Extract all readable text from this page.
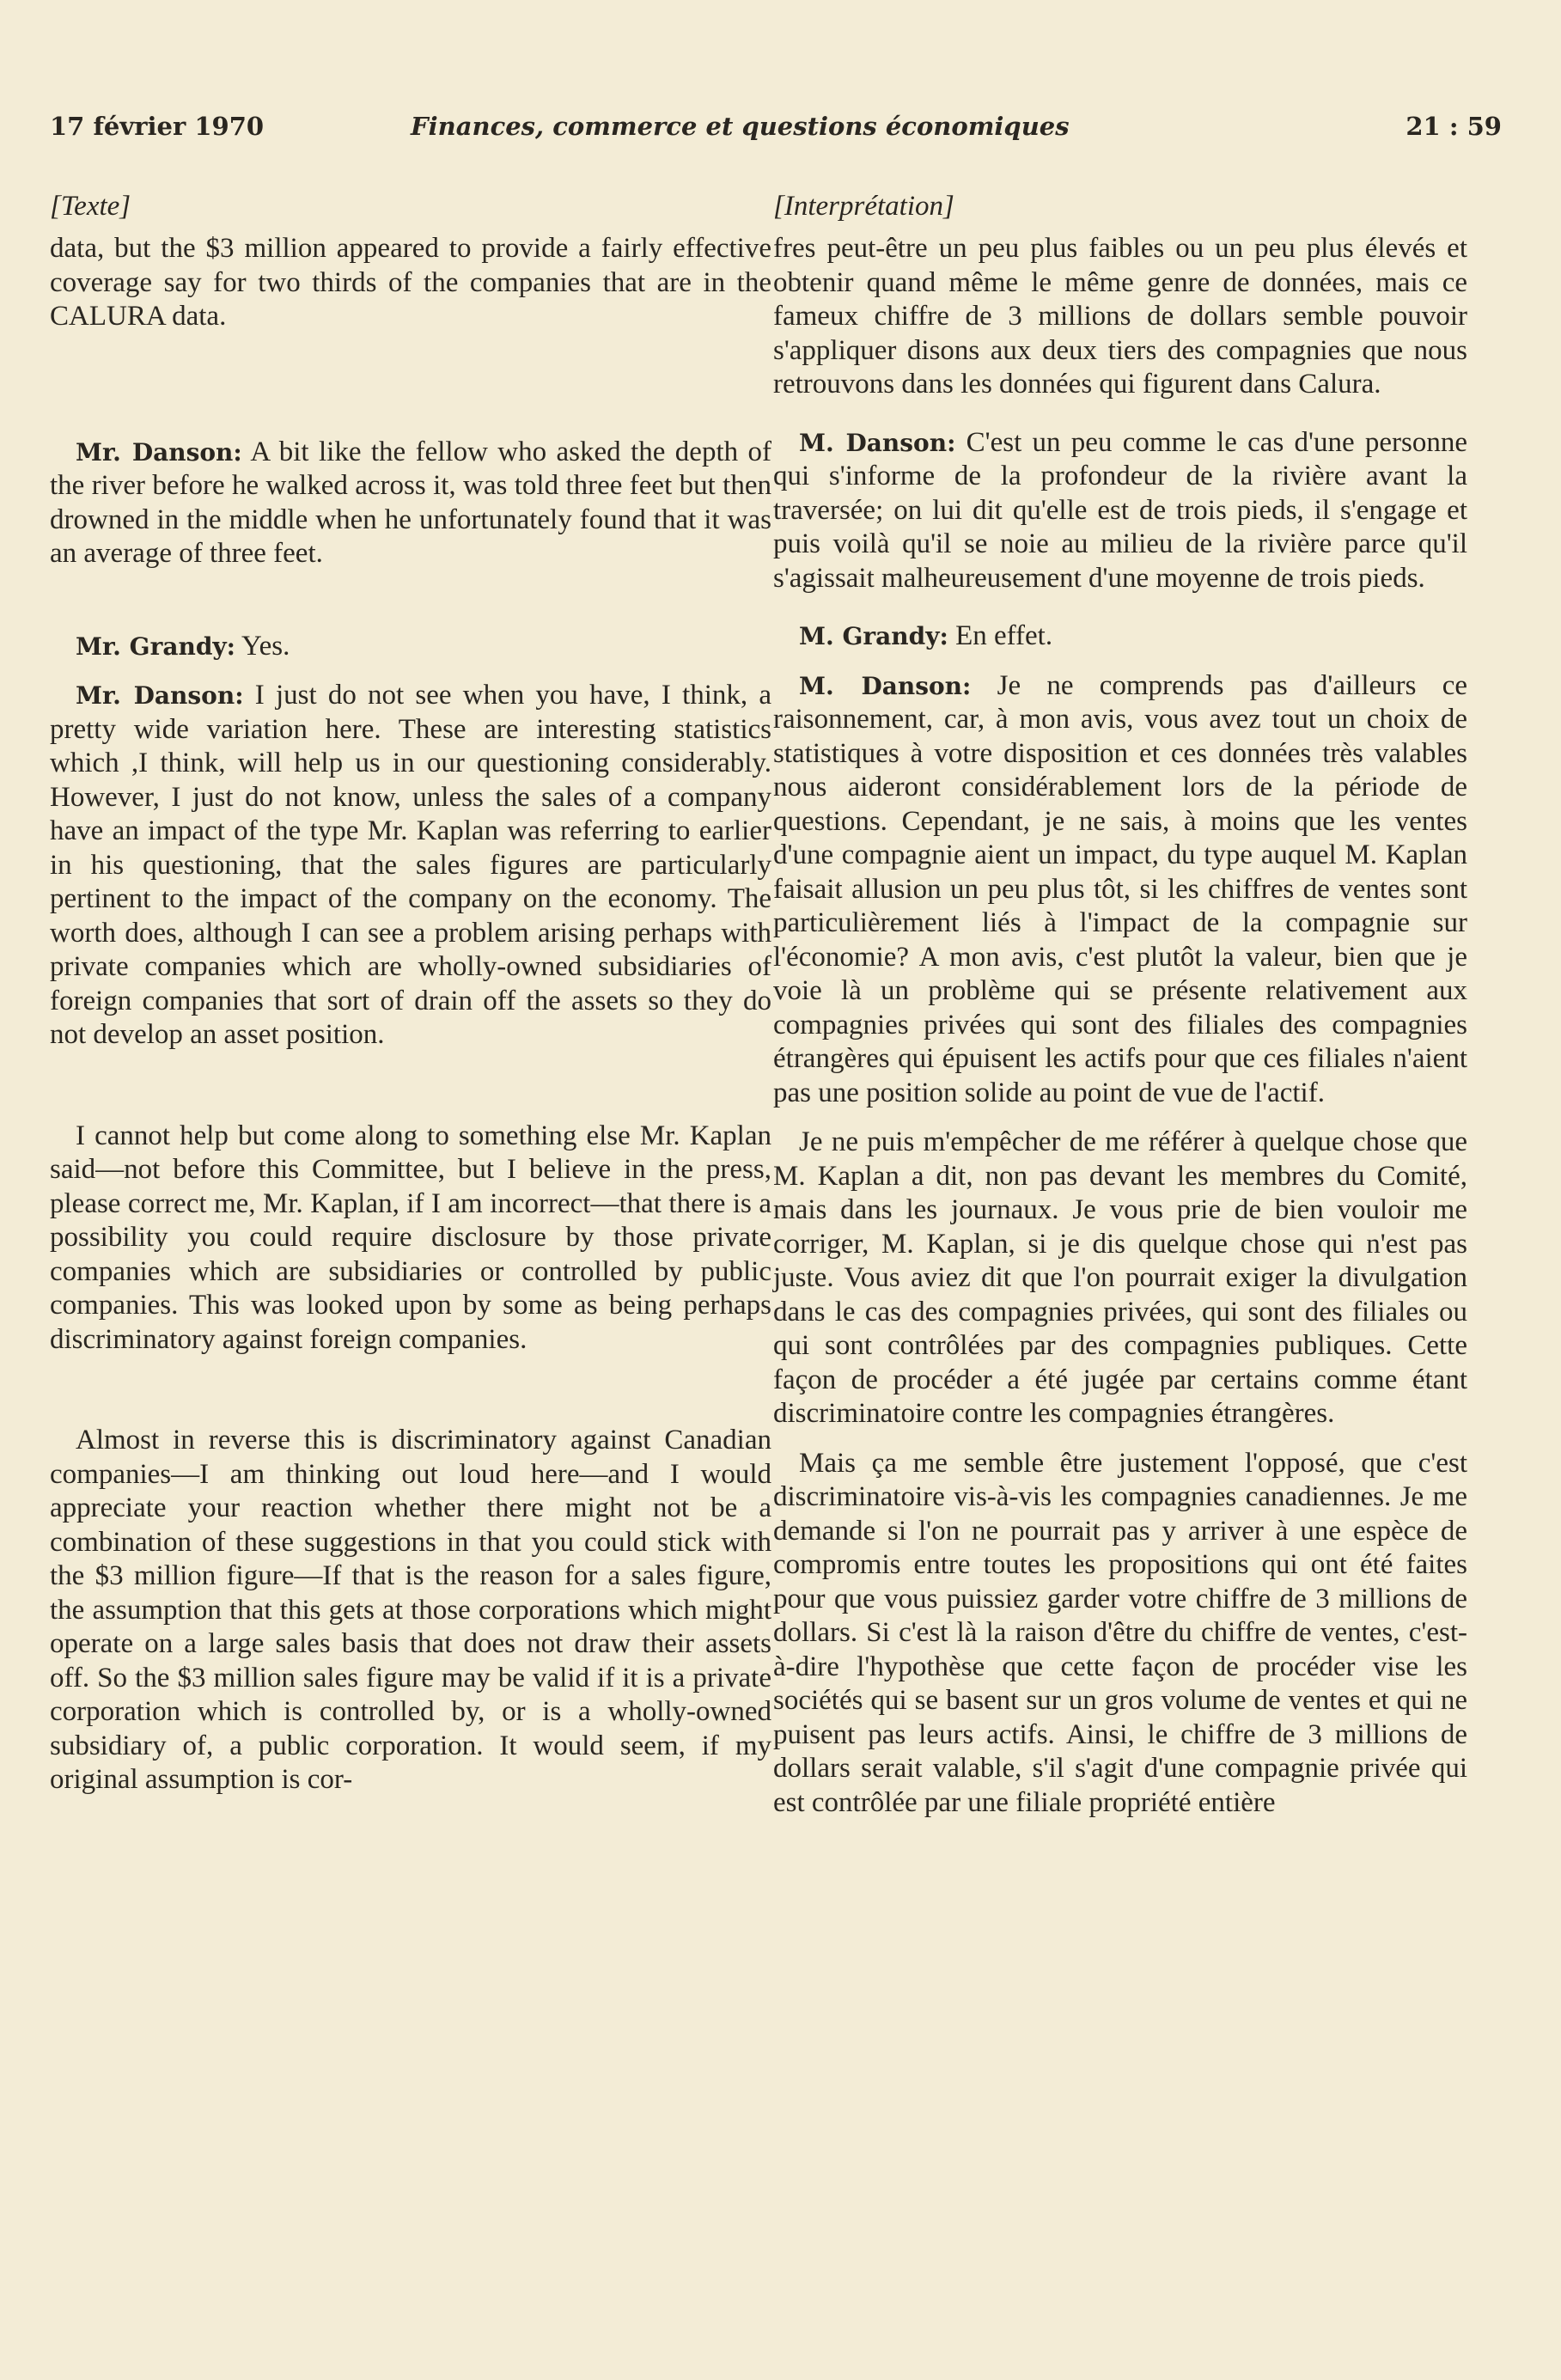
17 février 1970	Finances, commerce et questions économiques	21 : 59
[Texte]

data, but the $3 million appeared to provide a fairly effective coverage say for two thirds of the companies that are in the CALURA data.

Mr. Danson: A bit like the fellow who asked the depth of the river before he walked across it, was told three feet but then drowned in the middle when he unfortunately found that it was an average of three feet.

Mr. Grandy: Yes.

Mr. Danson: I just do not see when you have, I think, a pretty wide variation here. These are interesting statistics which ,I think, will help us in our questioning considerably. However, I just do not know, unless the sales of a company have an impact of the type Mr. Kaplan was referring to earlier in his questioning, that the sales figures are particularly pertinent to the impact of the company on the economy. The worth does, although I can see a problem arising perhaps with private companies which are wholly-owned subsidiaries of foreign companies that sort of drain off the assets so they do not develop an asset position.

I cannot help but come along to something else Mr. Kaplan said—not before this Committee, but I believe in the press, please correct me, Mr. Kaplan, if I am incorrect—that there is a possibility you could require disclosure by those private companies which are subsidiaries or controlled by public companies. This was looked upon by some as being perhaps discriminatory against foreign companies.

Almost in reverse this is discriminatory against Canadian companies—I am thinking out loud here—and I would appreciate your reaction whether there might not be a combination of these suggestions in that you could stick with the $3 million figure—If that is the reason for a sales figure, the assumption that this gets at those corporations which might operate on a large sales basis that does not draw their assets off. So the $3 million sales figure may be valid if it is a private corporation which is controlled by, or is a wholly-owned subsidiary of, a public corporation. It would seem, if my original assumption is cor-

[Interprétation]

fres peut-être un peu plus faibles ou un peu plus élevés et obtenir quand même le même genre de données, mais ce fameux chiffre de 3 millions de dollars semble pouvoir s'appliquer disons aux deux tiers des compagnies que nous retrouvons dans les données qui figurent dans Calura.

M. Danson: C'est un peu comme le cas d'une personne qui s'informe de la profondeur de la rivière avant la traversée; on lui dit qu'elle est de trois pieds, il s'engage et puis voilà qu'il se noie au milieu de la rivière parce qu'il s'agissait malheureusement d'une moyenne de trois pieds.

M. Grandy: En effet.

M. Danson: Je ne comprends pas d'ailleurs ce raisonnement, car, à mon avis, vous avez tout un choix de statistiques à votre disposition et ces données très valables nous aideront considérablement lors de la période de questions. Cependant, je ne sais, à moins que les ventes d'une compagnie aient un impact, du type auquel M. Kaplan faisait allusion un peu plus tôt, si les chiffres de ventes sont particulièrement liés à l'impact de la compagnie sur l'économie? A mon avis, c'est plutôt la valeur, bien que je voie là un problème qui se présente relativement aux compagnies privées qui sont des filiales des compagnies étrangères qui épuisent les actifs pour que ces filiales n'aient pas une position solide au point de vue de l'actif.

Je ne puis m'empêcher de me référer à quelque chose que M. Kaplan a dit, non pas devant les membres du Comité, mais dans les journaux. Je vous prie de bien vouloir me corriger, M. Kaplan, si je dis quelque chose qui n'est pas juste. Vous aviez dit que l'on pourrait exiger la divulgation dans le cas des compagnies privées, qui sont des filiales ou qui sont contrôlées par des compagnies publiques. Cette façon de procéder a été jugée par certains comme étant discriminatoire contre les compagnies étrangères.

Mais ça me semble être justement l'opposé, que c'est discriminatoire vis-à-vis les compagnies canadiennes. Je me demande si l'on ne pourrait pas y arriver à une espèce de compromis entre toutes les propositions qui ont été faites pour que vous puissiez garder votre chiffre de 3 millions de dollars. Si c'est là la raison d'être du chiffre de ventes, c'est-à-dire l'hypothèse que cette façon de procéder vise les sociétés qui se basent sur un gros volume de ventes et qui ne puisent pas leurs actifs. Ainsi, le chiffre de 3 millions de dollars serait valable, s'il s'agit d'une compagnie privée qui est contrôlée par une filiale propriété entière
